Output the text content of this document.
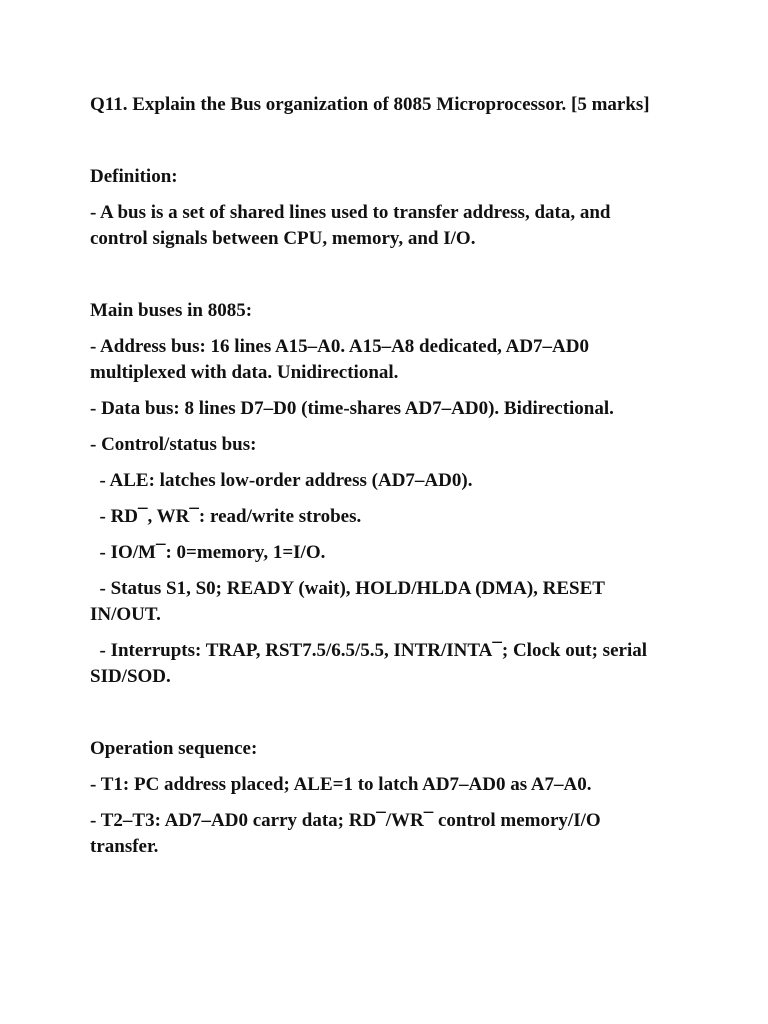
Q11. Explain the Bus organization of 8085 Microprocessor. [5 marks]
Definition:
- A bus is a set of shared lines used to transfer address, data, and control signals between CPU, memory, and I/O.
Main buses in 8085:
- Address bus: 16 lines A15–A0. A15–A8 dedicated, AD7–AD0 multiplexed with data. Unidirectional.
- Data bus: 8 lines D7–D0 (time-shares AD7–AD0). Bidirectional.
- Control/status bus:
- ALE: latches low-order address (AD7–AD0).
- RD¯, WR¯: read/write strobes.
- IO/M¯: 0=memory, 1=I/O.
- Status S1, S0; READY (wait), HOLD/HLDA (DMA), RESET IN/OUT.
- Interrupts: TRAP, RST7.5/6.5/5.5, INTR/INTA¯; Clock out; serial SID/SOD.
Operation sequence:
- T1: PC address placed; ALE=1 to latch AD7–AD0 as A7–A0.
- T2–T3: AD7–AD0 carry data; RD¯/WR¯ control memory/I/O transfer.
